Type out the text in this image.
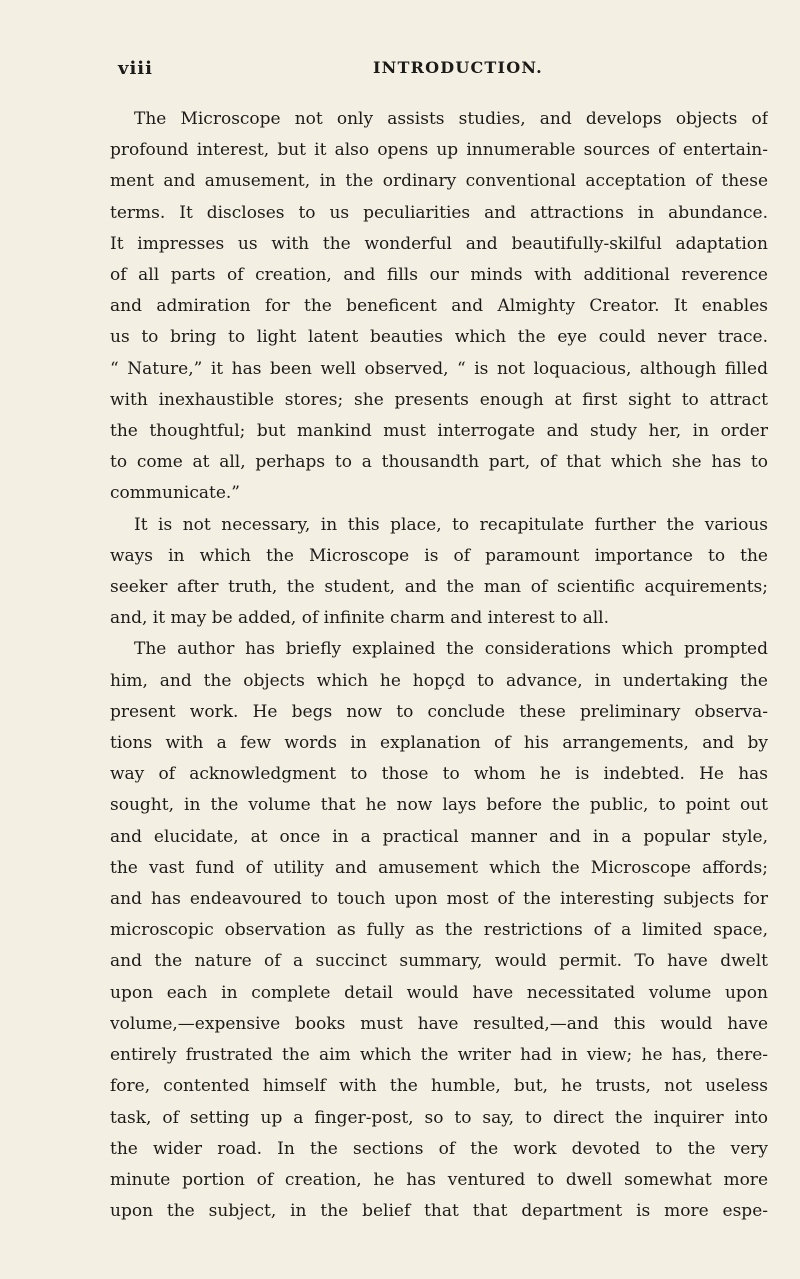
viii	INTRODUCTION.
The Microscope not only assists studies, and develops objects of
profound interest, but it also opens up innumerable sources of entertain-
ment and amusement, in the ordinary conventional acceptation of these
terms. It discloses to us peculiarities and attractions in abundance.
It impresses us with the wonderful and beautifully-skilful adaptation
of all parts of creation, and fills our minds with additional reverence
and admiration for the beneficent and Almighty Creator. It enables
us to bring to light latent beauties which the eye could never trace.
“ Nature,” it has been well observed, “ is not loquacious, although filled
with inexhaustible stores; she presents enough at first sight to attract
the thoughtful; but mankind must interrogate and study her, in order
to come at all, perhaps to a thousandth part, of that which she has to
communicate.”
It is not necessary, in this place, to recapitulate further the various
ways in which the Microscope is of paramount importance to the
seeker after truth, the student, and the man of scientific acquirements;
and, it may be added, of infinite charm and interest to all.
The author has briefly explained the considerations which prompted
him, and the objects which he hopçd to advance, in undertaking the
present work. He begs now to conclude these preliminary observa-
tions with a few words in explanation of his arrangements, and by
way of acknowledgment to those to whom he is indebted. He has
sought, in the volume that he now lays before the public, to point out
and elucidate, at once in a practical manner and in a popular style,
the vast fund of utility and amusement which the Microscope affords;
and has endeavoured to touch upon most of the interesting subjects for
microscopic observation as fully as the restrictions of a limited space,
and the nature of a succinct summary, would permit. To have dwelt
upon each in complete detail would have necessitated volume upon
volume,—expensive books must have resulted,—and this would have
entirely frustrated the aim which the writer had in view; he has, there-
fore, contented himself with the humble, but, he trusts, not useless
task, of setting up a finger-post, so to say, to direct the inquirer into
the wider road. In the sections of the work devoted to the very
minute portion of creation, he has ventured to dwell somewhat more
upon the subject, in the belief that that department is more espe-
